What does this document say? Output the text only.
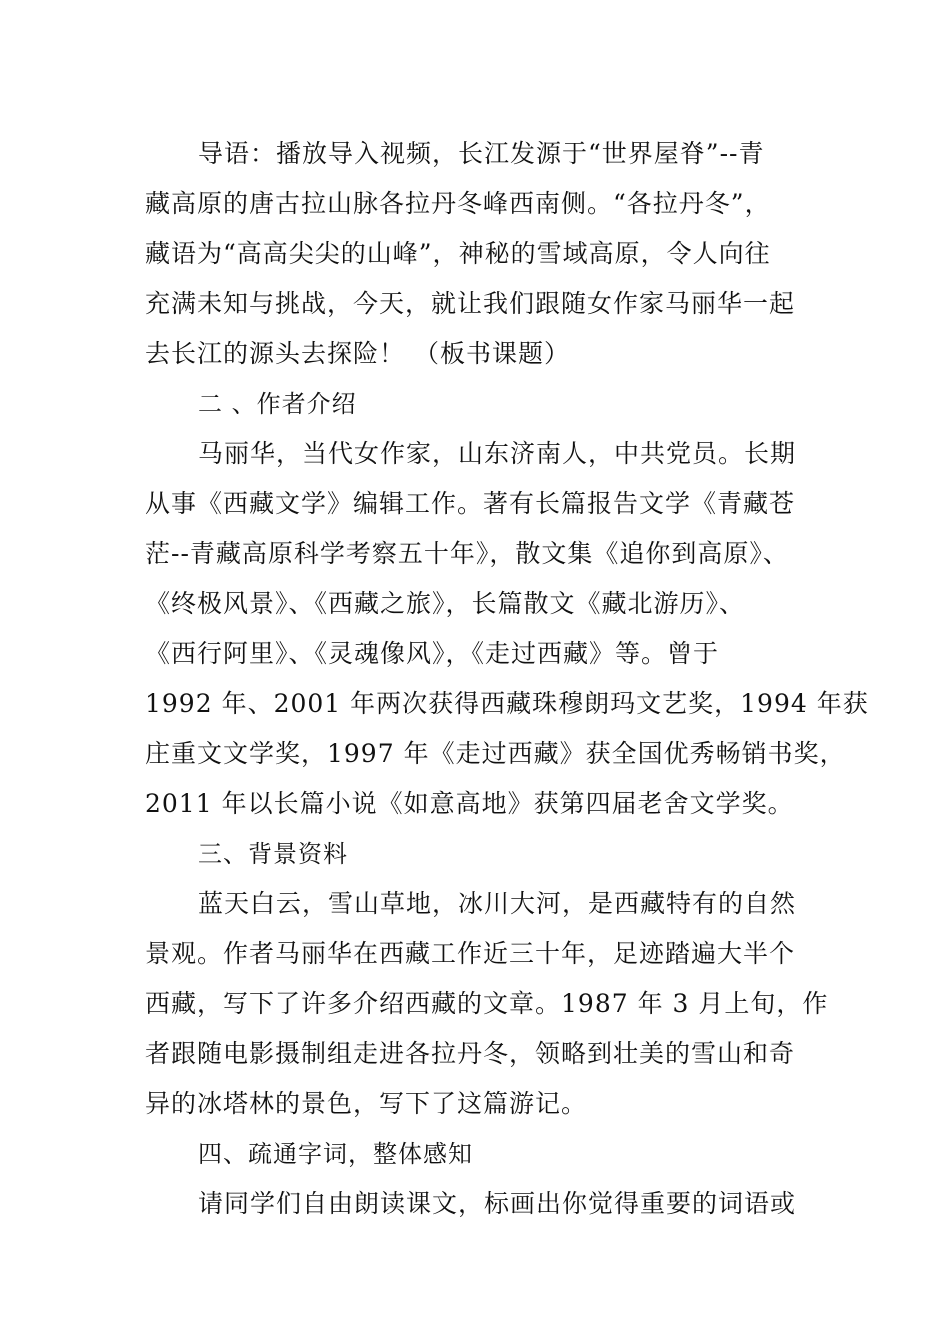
导语：播放导入视频，长江发源于“世界屋脊”--青
藏高原的唐古拉山脉各拉丹冬峰西南侧。“各拉丹冬”，
藏语为“高高尖尖的山峰”，神秘的雪域高原，令人向往
充满未知与挑战，今天，就让我们跟随女作家马丽华一起
去长江的源头去探险！ （板书课题）
二 、作者介绍
马丽华，当代女作家，山东济南人，中共党员。长期
从事《西藏文学》编辑工作。著有长篇报告文学《青藏苍
茫--青藏高原科学考察五十年》，散文集《追你到高原》、
《终极风景》、《西藏之旅》，长篇散文《藏北游历》、
《西行阿里》、《灵魂像风》，《走过西藏》等。曾于
1992 年、2001 年两次获得西藏珠穆朗玛文艺奖，1994 年获
庄重文文学奖，1997 年《走过西藏》获全国优秀畅销书奖，
2011 年以长篇小说《如意高地》获第四届老舍文学奖。
三、背景资料
蓝天白云，雪山草地，冰川大河，是西藏特有的自然
景观。作者马丽华在西藏工作近三十年，足迹踏遍大半个
西藏，写下了许多介绍西藏的文章。1987 年 3 月上旬，作
者跟随电影摄制组走进各拉丹冬，领略到壮美的雪山和奇
异的冰塔林的景色，写下了这篇游记。
四、疏通字词，整体感知
请同学们自由朗读课文，标画出你觉得重要的词语或
